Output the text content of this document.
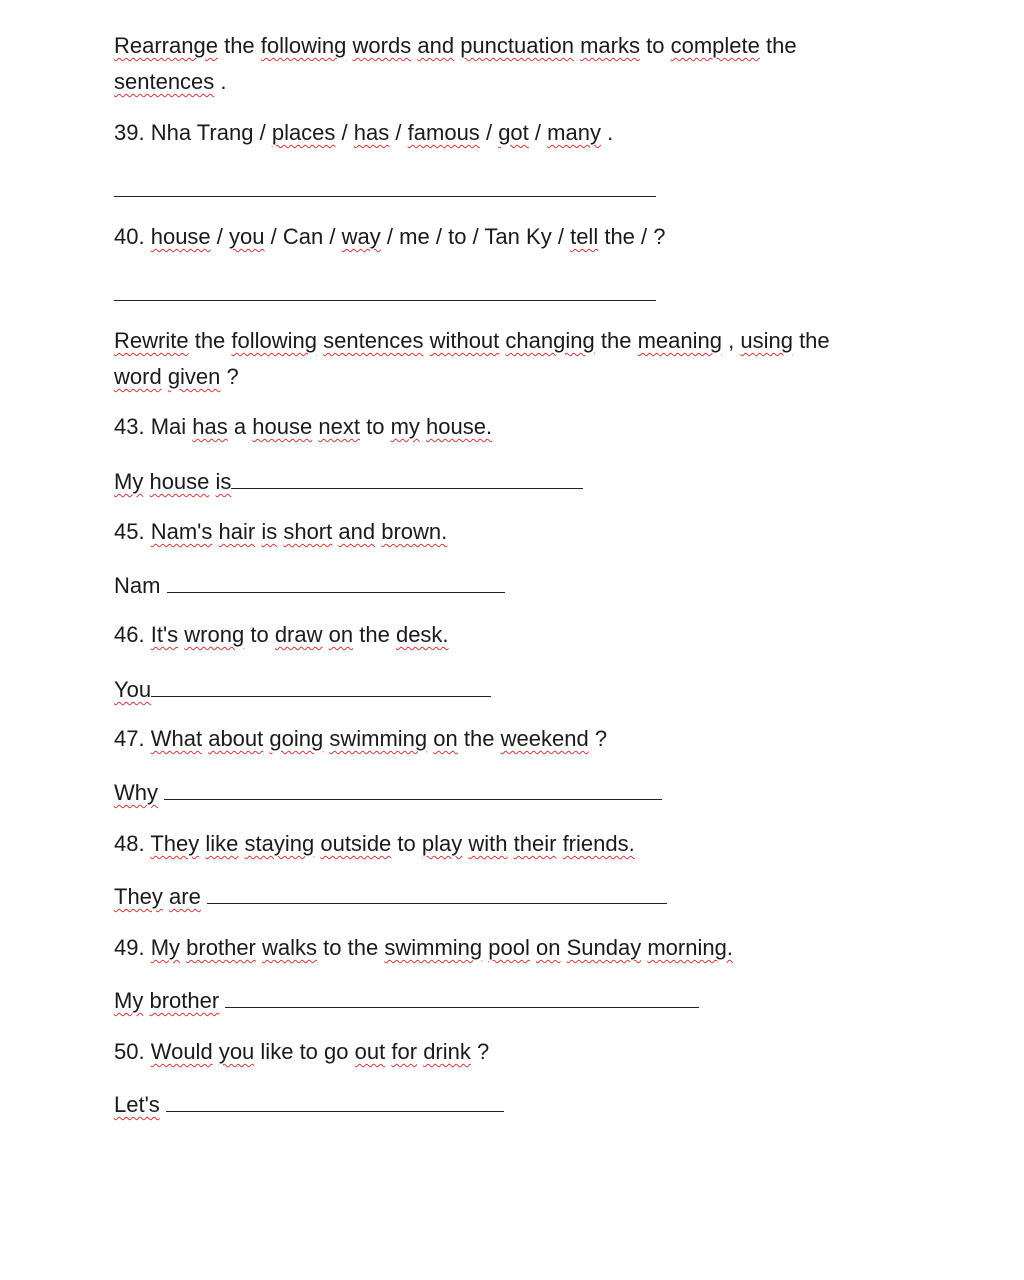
Rearrange the following words and punctuation marks to complete the
sentences .
39. Nha Trang / places / has / famous / got / many .
40. house / you / Can / way / me / to / Tan Ky / tell the / ?
Rewrite the following sentences without changing the meaning , using the
word given ?
43. Mai has a house next to my house.
My house is
45. Nam's hair is short and brown.
Nam
46. It's wrong to draw on the desk.
You
47. What about going swimming on the weekend ?
Why
48. They like staying outside to play with their friends.
They are
49. My brother walks to the swimming pool on Sunday morning.
My brother
50. Would you like to go out for drink ?
Let's
